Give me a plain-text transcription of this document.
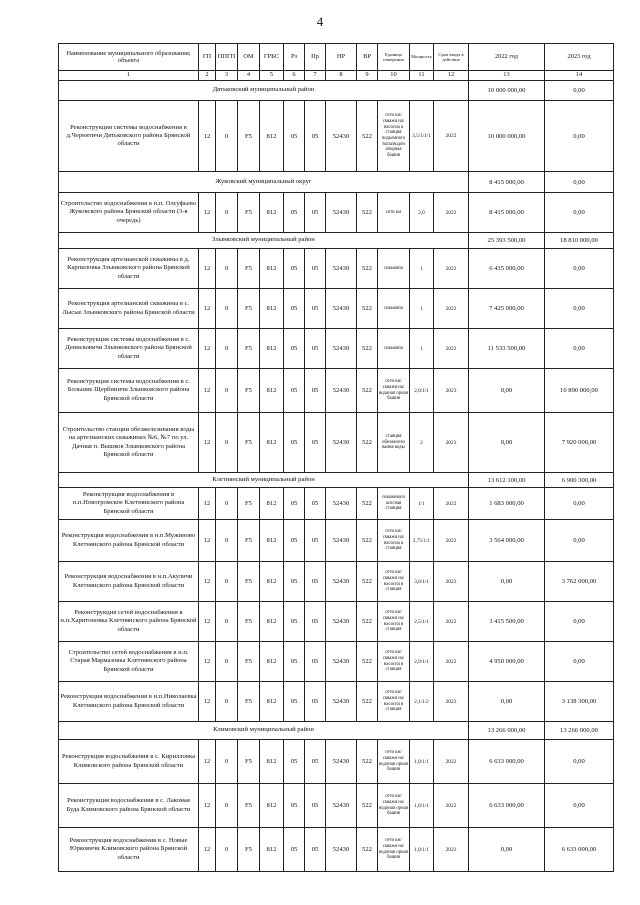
4
Наименование муниципального образования; объекта	ГП	ППГП	ОМ	ГРБС	Рз	Пр	НР	ВР	Единица измерения	Мощность	Срок ввода в действие	2022 год	2023 год
1	2	3	4	5	6	7	8	9	10	11	12	13	14
Дятьковский муниципальный район												10 000 000,00	0,00
Реконструкция системы водоснабжения в д.Чернятичи Дятьковского района Брянской области	12	0	F5	812	05	05	52430	522	сети км/скважи на/насосна я станция подъемного тыпа/водон апорная башня	3,5/1/1/1	2022	10 000 000,00	0,00
Жуковский муниципальный округ												8 415 000,00	0,00
Строительство водоснабжения в н.п. Олсуфьево Жуковского района Брянской области (3-я очередь)	12	0	F5	812	05	05	52430	522	сети км	2,0	2022	8 415 000,00	0,00
Злынковский муниципальный район												25 393 500,00	18 810 000,00
Реконструкция артезианской скважины в д. Карпиловка Злынковского района Брянской области	12	0	F5	812	05	05	52430	522	скважина	1	2022	6 435 000,00	0,00
Реконструкция артезианской скважины в с. Лысые Злынковского района Брянской области	12	0	F5	812	05	05	52430	522	скважина	1	2022	7 425 000,00	0,00
Реконструкция системы водоснабжения в с. Денисковичи Злынковского района Брянской области	12	0	F5	812	05	05	52430	522	скважина	1	2022	11 533 500,00	0,00
Реконструкция системы водоснабжения в с. Большие Щербиничи Злынковского района Брянской области	12	0	F5	812	05	05	52430	522	сети км/скважи на/водонап орная башня	2,0/1/1	2023	0,00	10 890 000,00
Строительство станции обезжелезивания воды на артезианских скважинах №6, №7 по ул. Дачная п. Вышков Злынковского района Брянской области	12	0	F5	812	05	05	52430	522	станция обезжелези вания воды	2	2023	0,00	7 920 000,00
Клетнянский муниципальный район												13 612 100,00	6 900 300,00
Реконструкция водоснабжения в н.п.Новогромское Клетнянского района Брянской области	12	0	F5	812	05	05	52430	522	скважина/н асосная станция	1/1	2022	1 683 000,00	0,00
Реконструкция водоснабжения в н.п.Мужиново Клетнянского района Брянской области	12	0	F5	812	05	05	52430	522	сети км/скважи на/насосна я станция	2,75/1/1	2022	3 564 000,00	0,00
Реконструкция водоснабжения в н.п.Акуличи Клетнянского района Брянской области	12	0	F5	812	05	05	52430	522	сети км/скважи на/насосна я станция	3,0/1/1	2023	0,00	3 762 000,00
Реконструкция сетей водоснабжения в н.п.Харитоновка Клетнянского района Брянской области	12	0	F5	812	05	05	52430	522	сети км/скважи на/насосна я станция	2,5/1/1	2022	3 415 500,00	0,00
Строительство сетей водоснабжения в н.п. Старая Мармазовка Клетнянского района Брянской области	12	0	F5	812	05	05	52430	522	сети км/скважи на/насосна я станция	2,9/1/1	2022	4 950 000,00	0,00
Реконструкция водоснабжения в н.п.Николаевка Клетнянского района Брянской области	12	0	F5	812	05	05	52430	522	сети км/скважи на/насосна я станция	2,1/1/2	2023	0,00	3 138 300,00
Климовский муниципальный район												13 266 000,00	13 266 000,00
Реконструкция водоснабжения в с. Кирилловка Климовского района Брянской области	12	0	F5	812	05	05	52430	522	сети км/скважи на/водонап орная башня	1,0/1/1	2022	6 633 000,00	0,00
Реконструкция водоснабжения в с. Лакомая Буда Климовского района Брянской области	12	0	F5	812	05	05	52430	522	сети км/скважи на/водонап орная башня	1,0/1/1	2022	6 633 000,00	0,00
Реконструкция водоснабжения в с. Новые Юрковичи Климовского района Брянской области	12	0	F5	812	05	05	52430	522	сети км/скважи на/водонап орная башня	1,0/1/1	2023	0,00	6 633 000,00
